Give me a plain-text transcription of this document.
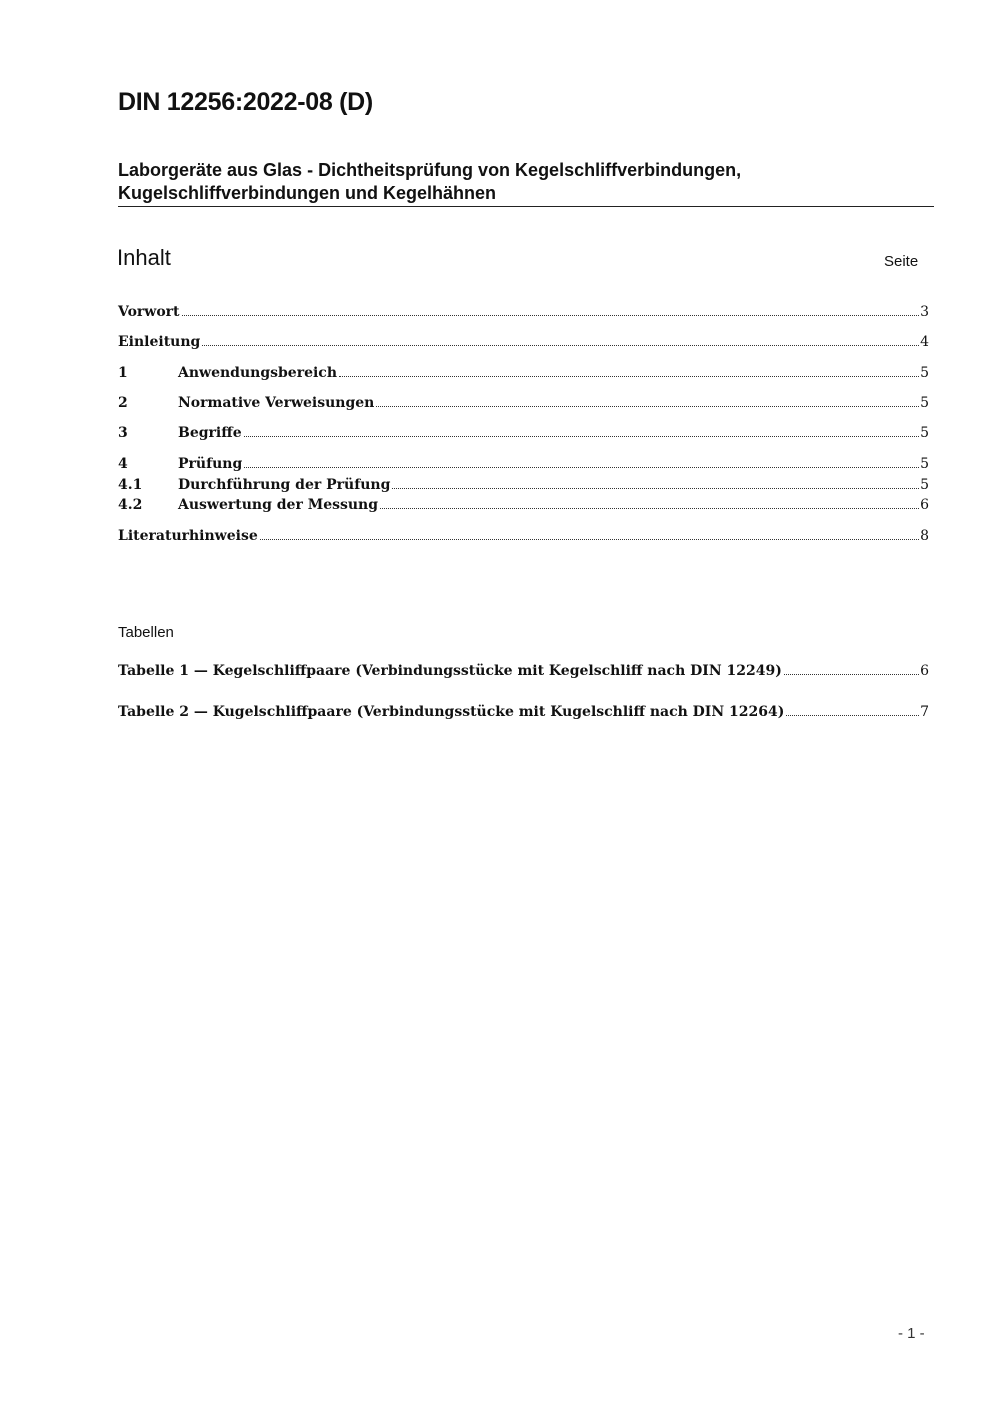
DIN 12256:2022-08 (D)
Laborgeräte aus Glas - Dichtheitsprüfung von Kegelschliffverbindungen, Kugelschliffverbindungen und Kegelhähnen
Inhalt	Seite
Vorwort	3
Einleitung	4
1	Anwendungsbereich	5
2	Normative Verweisungen	5
3	Begriffe	5
4	Prüfung	5
4.1	Durchführung der Prüfung	5
4.2	Auswertung der Messung	6
Literaturhinweise	8
Tabellen
Tabelle 1 — Kegelschliffpaare (Verbindungsstücke mit Kegelschliff nach DIN 12249)	6
Tabelle 2 — Kugelschliffpaare (Verbindungsstücke mit Kugelschliff nach DIN 12264)	7
- 1 -
